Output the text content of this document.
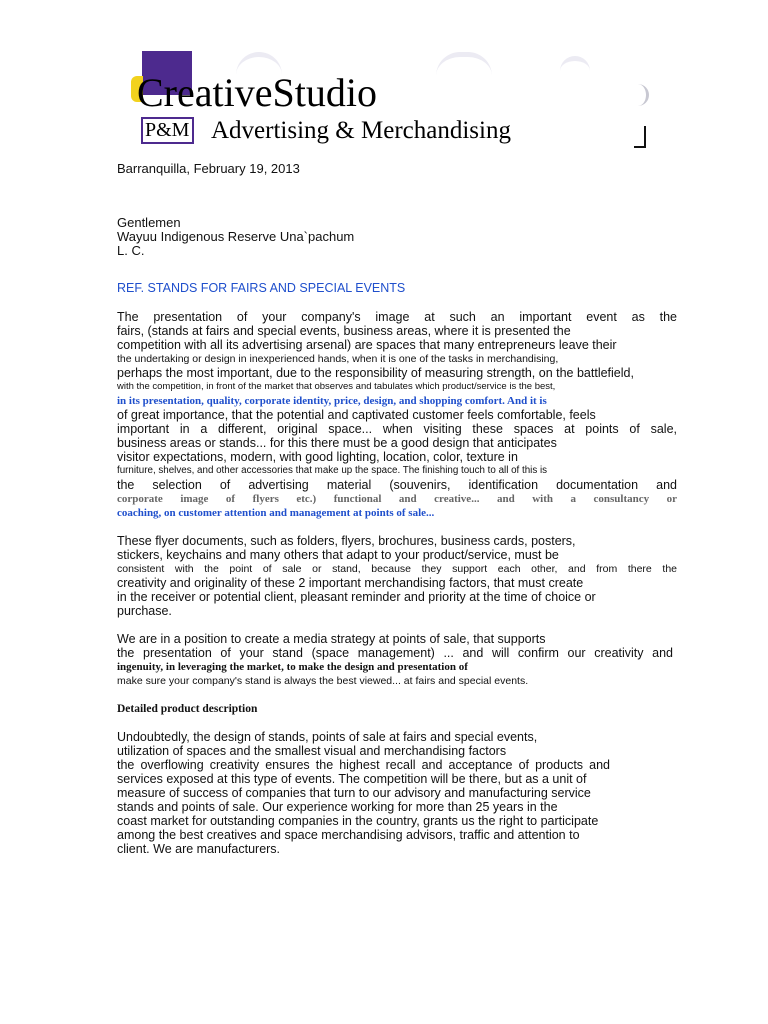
CreativeStudio
P&M Advertising & Merchandising

Barranquilla, February 19, 2013

Gentlemen
Wayuu Indigenous Reserve Una`pachum
L. C.
REF. STANDS FOR FAIRS AND SPECIAL EVENTS
The presentation of your company's image at such an important event as the
fairs, (stands at fairs and special events, business areas, where it is presented the
competition with all its advertising arsenal) are spaces that many entrepreneurs leave their
the undertaking or design in inexperienced hands, when it is one of the tasks in merchandising,
perhaps the most important, due to the responsibility of measuring strength, on the battlefield,
with the competition, in front of the market that observes and tabulates which product/service is the best,
in its presentation, quality, corporate identity, price, design, and shopping comfort. And it is
of great importance, that the potential and captivated customer feels comfortable, feels
important in a different, original space... when visiting these spaces at points of sale,
business areas or stands... for this there must be a good design that anticipates
visitor expectations, modern, with good lighting, location, color, texture in
furniture, shelves, and other accessories that make up the space. The finishing touch to all of this is
the selection of advertising material (souvenirs, identification documentation and
corporate image of flyers etc.) functional and creative... and with a consultancy or
coaching, on customer attention and management at points of sale...
These flyer documents, such as folders, flyers, brochures, business cards, posters,
stickers, keychains and many others that adapt to your product/service, must be
consistent with the point of sale or stand, because they support each other, and from there the
creativity and originality of these 2 important merchandising factors, that must create
in the receiver or potential client, pleasant reminder and priority at the time of choice or
purchase.
We are in a position to create a media strategy at points of sale, that supports
the presentation of your stand (space management) ... and will confirm our creativity and
ingenuity, in leveraging the market, to make the design and presentation of
make sure your company's stand is always the best viewed... at fairs and special events.
Detailed product description
Undoubtedly, the design of stands, points of sale at fairs and special events,
utilization of spaces and the smallest visual and merchandising factors
the overflowing creativity ensures the highest recall and acceptance of products and
services exposed at this type of events. The competition will be there, but as a unit of
measure of success of companies that turn to our advisory and manufacturing service
stands and points of sale. Our experience working for more than 25 years in the
coast market for outstanding companies in the country, grants us the right to participate
among the best creatives and space merchandising advisors, traffic and attention to
client. We are manufacturers.
